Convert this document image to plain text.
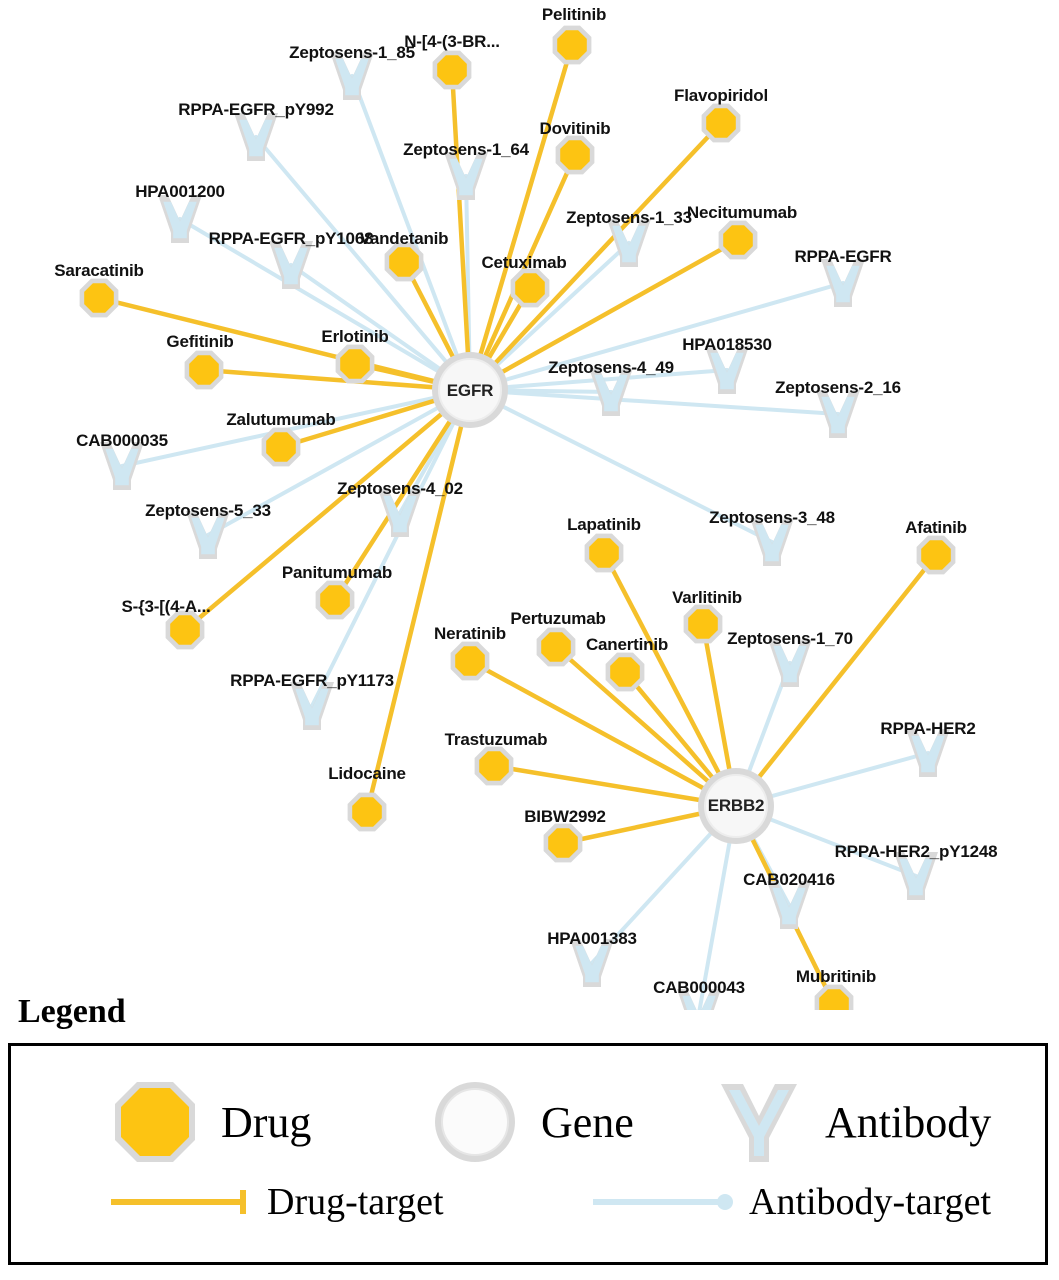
Pelitinib
N-[4-(3-BR...
Flavopiridol
Dovitinib
Necitumumab
Vandetanib
Cetuximab
Saracatinib
Erlotinib
Gefitinib
Zalutumumab
Afatinib
Lapatinib
Varlitinib
Panitumumab
S-{3-[(4-A...
Pertuzumab
Neratinib
Canertinib
Trastuzumab
Lidocaine
BIBW2992
Mubritinib
Zeptosens-1_85
RPPA-EGFR_pY992
Zeptosens-1_64
HPA001200
Zeptosens-1_33
RPPA-EGFR_pY1068
RPPA-EGFR
HPA018530
Zeptosens-4_49
Zeptosens-2_16
CAB000035
Zeptosens-4_02
Zeptosens-5_33	Zeptosens-3_48
Zeptosens-1_70
RPPA-EGFR_pY1173
RPPA-HER2
RPPA-HER2_pY1248
CAB020416
HPA001383
CAB000043
EGFR
ERBB2
Legend
Drug	Gene	Antibody
Drug-target	Antibody-target
